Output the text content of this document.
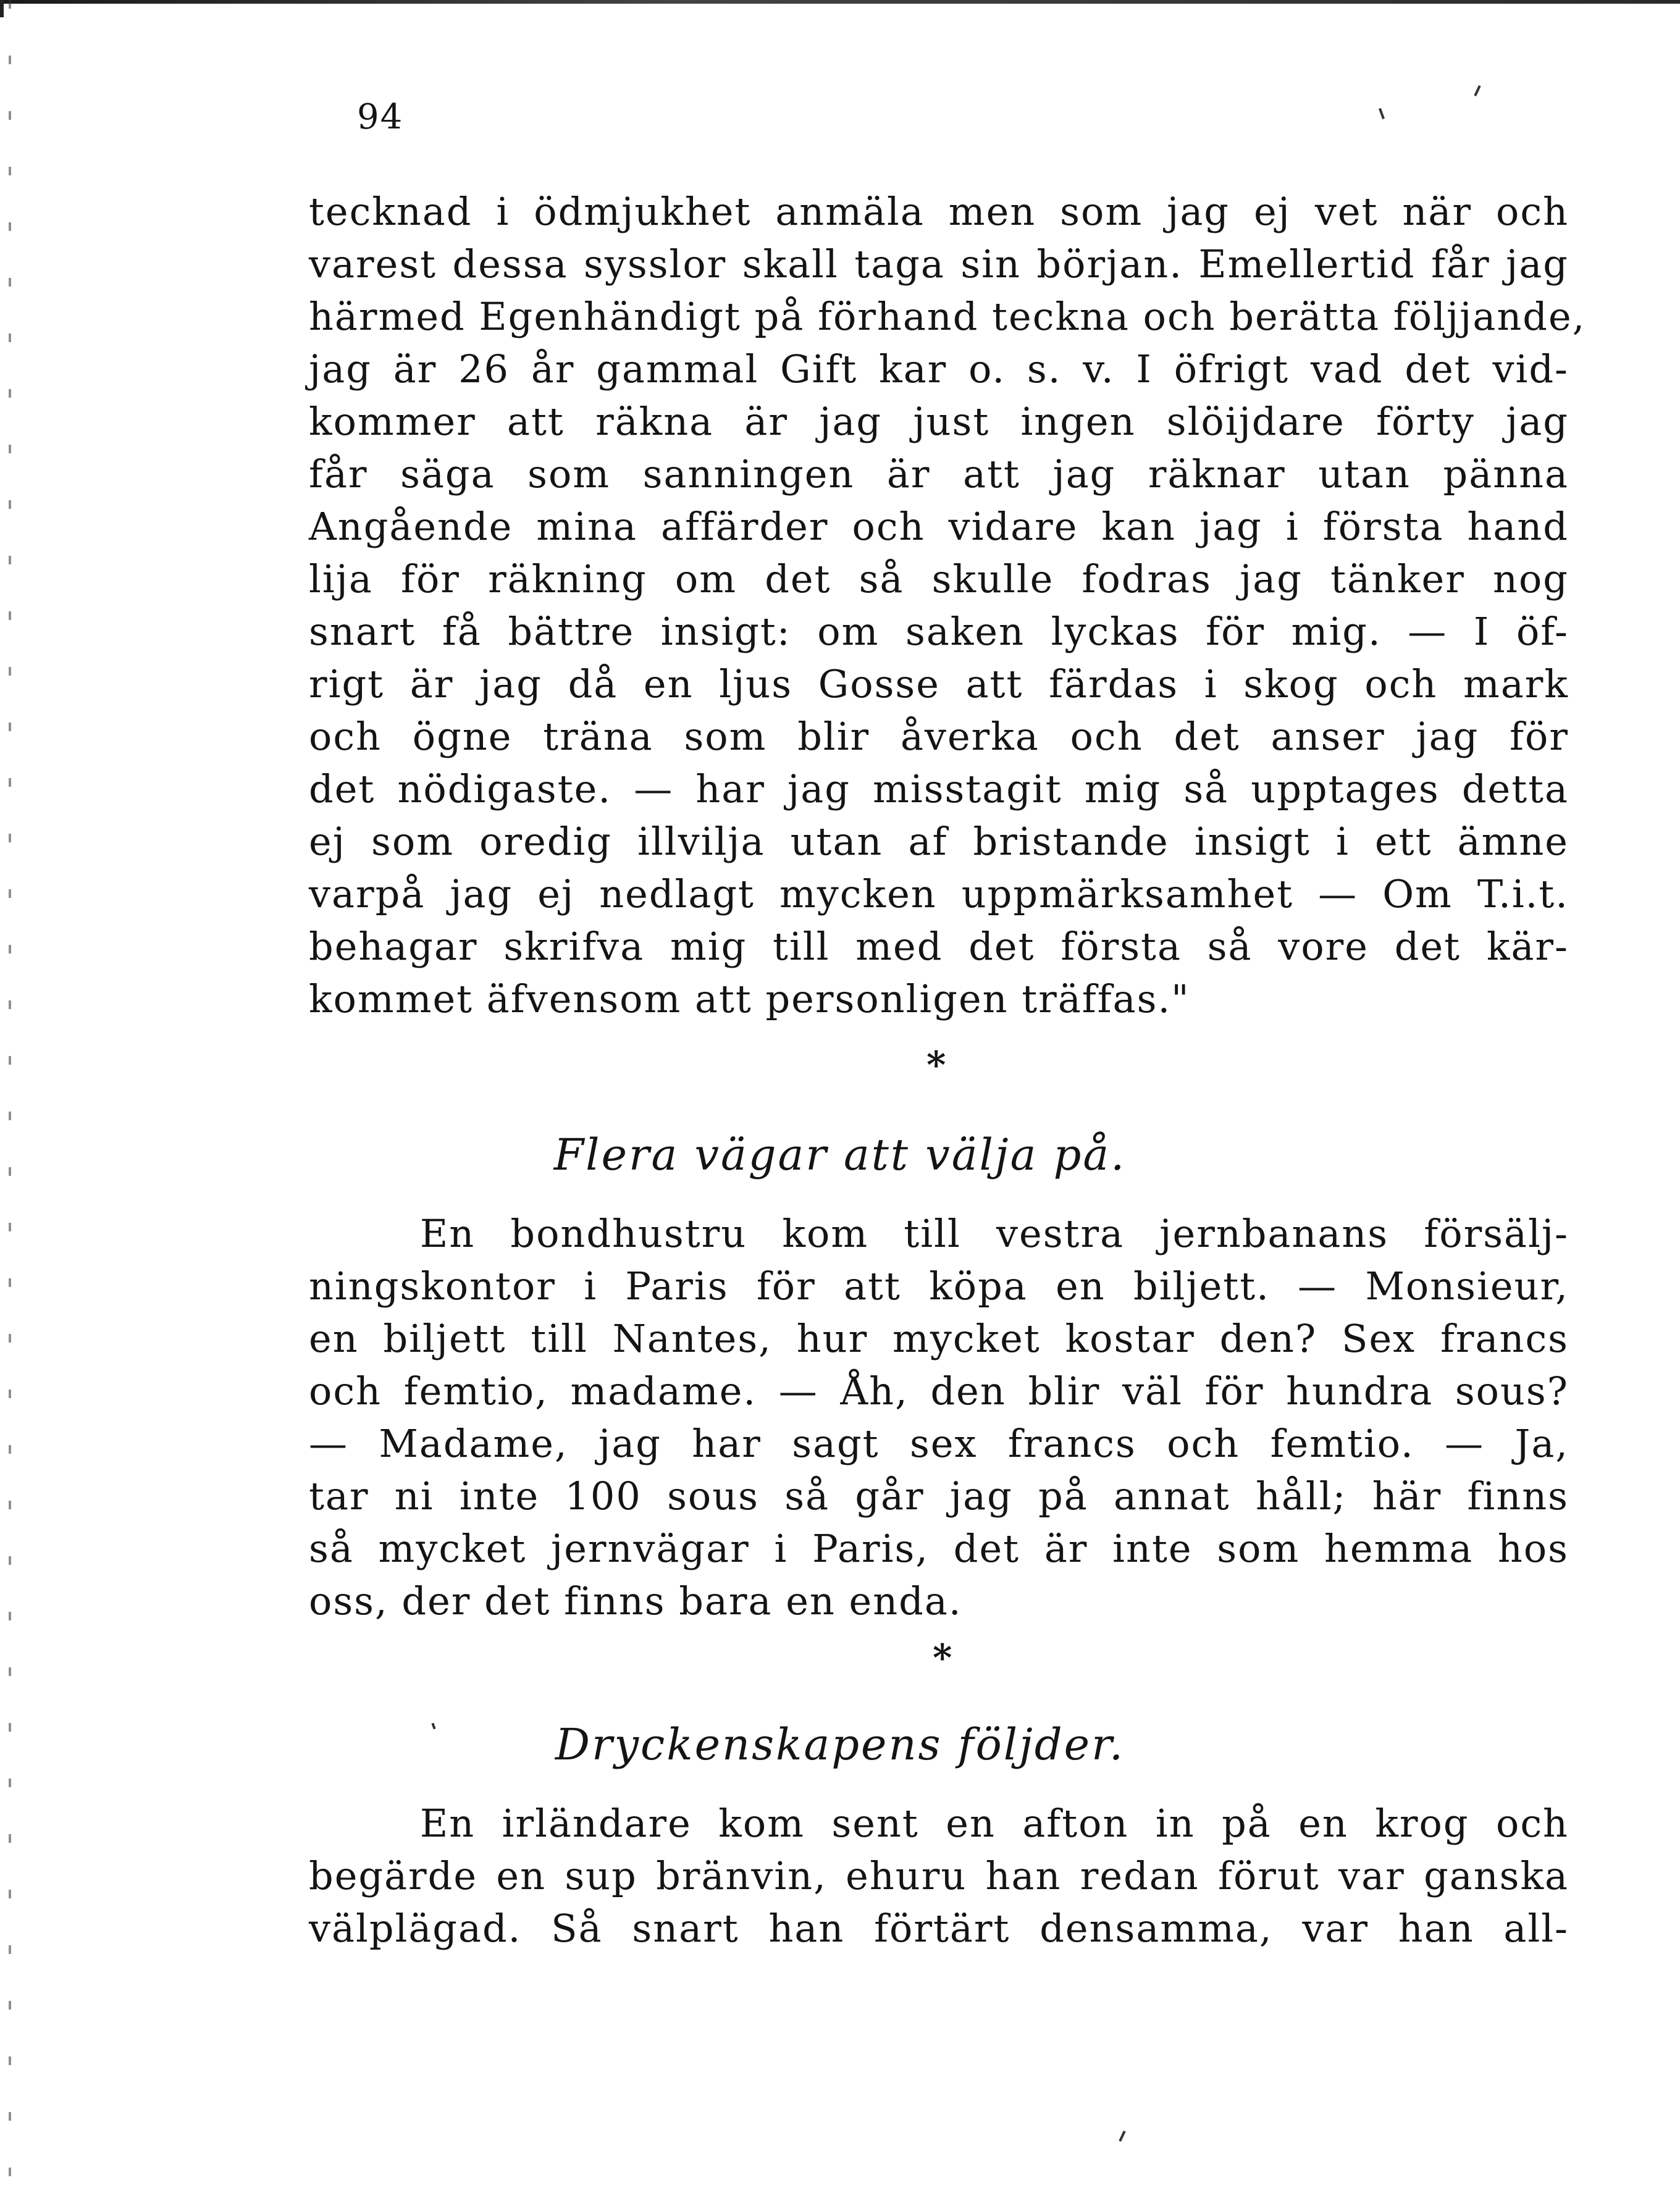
94
tecknad i ödmjukhet anmäla men som jag ej vet när och
varest dessa sysslor skall taga sin början. Emellertid får jag
härmed Egenhändigt på förhand teckna och berätta följjande,
jag är 26 år gammal Gift kar o. s. v. I öfrigt vad det vid-
kommer att räkna är jag just ingen slöijdare förty jag
får säga som sanningen är att jag räknar utan pänna
Angående mina affärder och vidare kan jag i första hand
lija för räkning om det så skulle fodras jag tänker nog
snart få bättre insigt: om saken lyckas för mig. — I öf-
rigt är jag då en ljus Gosse att färdas i skog och mark
och ögne träna som blir åverka och det anser jag för
det nödigaste. — har jag misstagit mig så upptages detta
ej som oredig illvilja utan af bristande insigt i ett ämne
varpå jag ej nedlagt mycken uppmärksamhet — Om T.i.t.
behagar skrifva mig till med det första så vore det kär-
kommet äfvensom att personligen träffas."
*
Flera vägar att välja på.
En bondhustru kom till vestra jernbanans försälj-
ningskontor i Paris för att köpa en biljett. — Monsieur,
en biljett till Nantes, hur mycket kostar den? Sex francs
och femtio, madame. — Åh, den blir väl för hundra sous?
— Madame, jag har sagt sex francs och femtio. — Ja,
tar ni inte 100 sous så går jag på annat håll; här finns
så mycket jernvägar i Paris, det är inte som hemma hos
oss, der det finns bara en enda.
*
Dryckenskapens följder.
En irländare kom sent en afton in på en krog och
begärde en sup bränvin, ehuru han redan förut var ganska
välplägad. Så snart han förtärt densamma, var han all-
